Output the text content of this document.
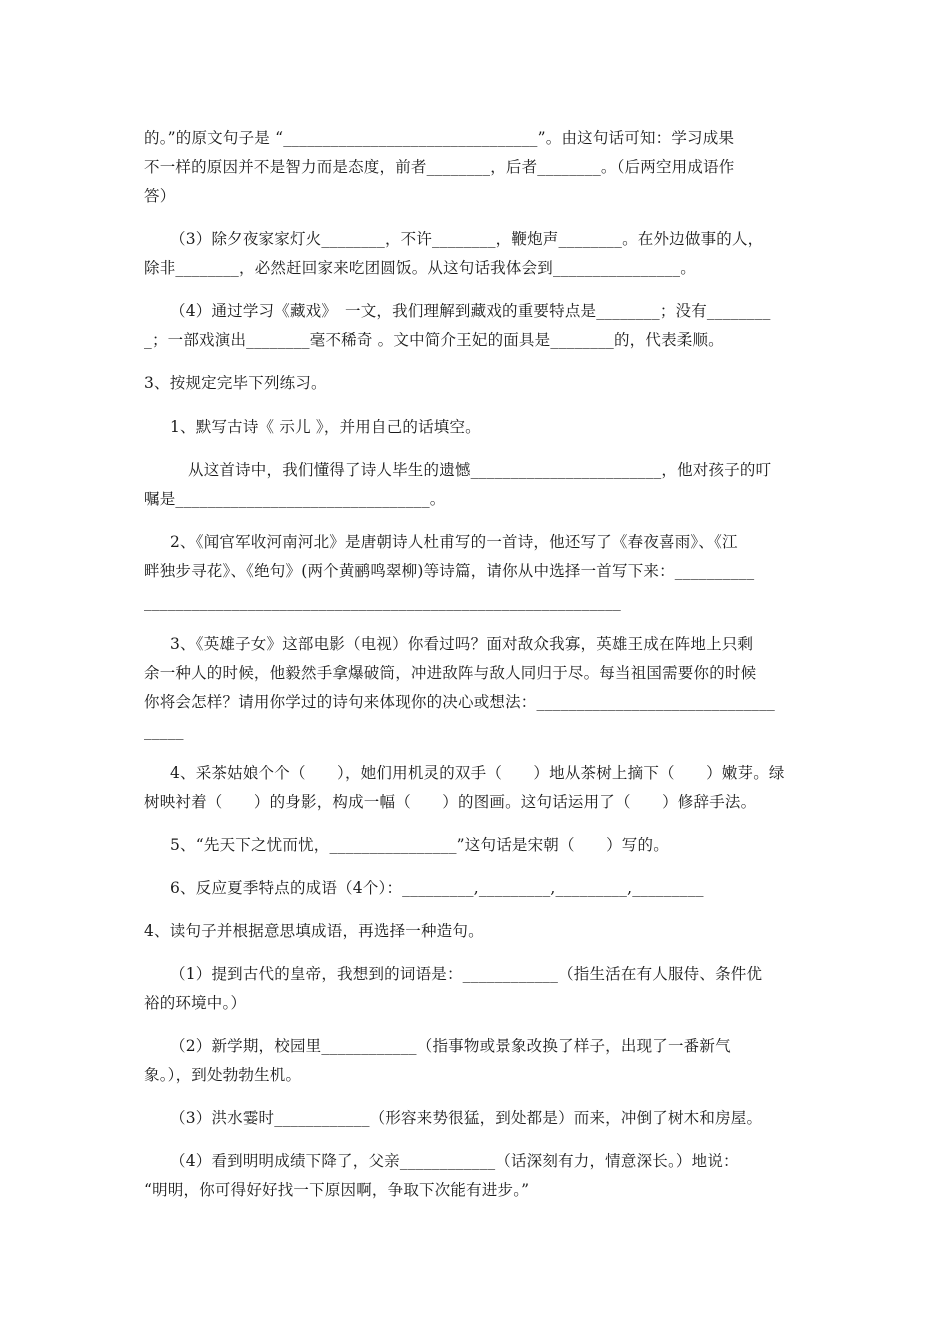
的。”的原文句子是 “________________________________”。由这句话可知：学习成果
不一样的原因并不是智力而是态度，前者________，后者________。（后两空用成语作
答）
（3）除夕夜家家灯火________，不许________，鞭炮声________。在外边做事的人，
除非________，必然赶回家来吃团圆饭。从这句话我体会到________________。
（4）通过学习《藏戏》　一文，我们理解到藏戏的重要特点是________；没有________
_；一部戏演出________毫不稀奇 。文中简介王妃的面具是________的，代表柔顺。
3、按规定完毕下列练习。
1、默写古诗《 示儿 》，并用自己的话填空。
从这首诗中，我们懂得了诗人毕生的遗憾________________________，他对孩子的叮
嘱是________________________________。
2、《闻官军收河南河北》是唐朝诗人杜甫写的一首诗，他还写了《春夜喜雨》、《江
畔独步寻花》、《绝句》(两个黄鹂鸣翠柳)等诗篇，请你从中选择一首写下来：__________
____________________________________________________________
3、《英雄子女》这部电影（电视）你看过吗？面对敌众我寡，英雄王成在阵地上只剩
余一种人的时候，他毅然手拿爆破筒，冲进敌阵与敌人同归于尽。每当祖国需要你的时候
你将会怎样？请用你学过的诗句来体现你的决心或想法：______________________________
_____
4、采茶姑娘个个（　　），她们用机灵的双手（　　）地从茶树上摘下（　　）嫩芽。绿
树映衬着（　　）的身影，构成一幅（　　）的图画。这句话运用了（　　）修辞手法。
5、“先天下之忧而忧，________________”这句话是宋朝（　　）写的。
6、反应夏季特点的成语（4个）：_________,_________,_________,_________
4、读句子并根据意思填成语，再选择一种造句。
（1）提到古代的皇帝，我想到的词语是：____________（指生活在有人服侍、条件优
裕的环境中。）
（2）新学期，校园里____________（指事物或景象改换了样子，出现了一番新气
象。），到处勃勃生机。
（3）洪水霎时____________（形容来势很猛，到处都是）而来，冲倒了树木和房屋。
（4）看到明明成绩下降了，父亲____________（话深刻有力，情意深长。）地说：
“明明，你可得好好找一下原因啊，争取下次能有进步。”
